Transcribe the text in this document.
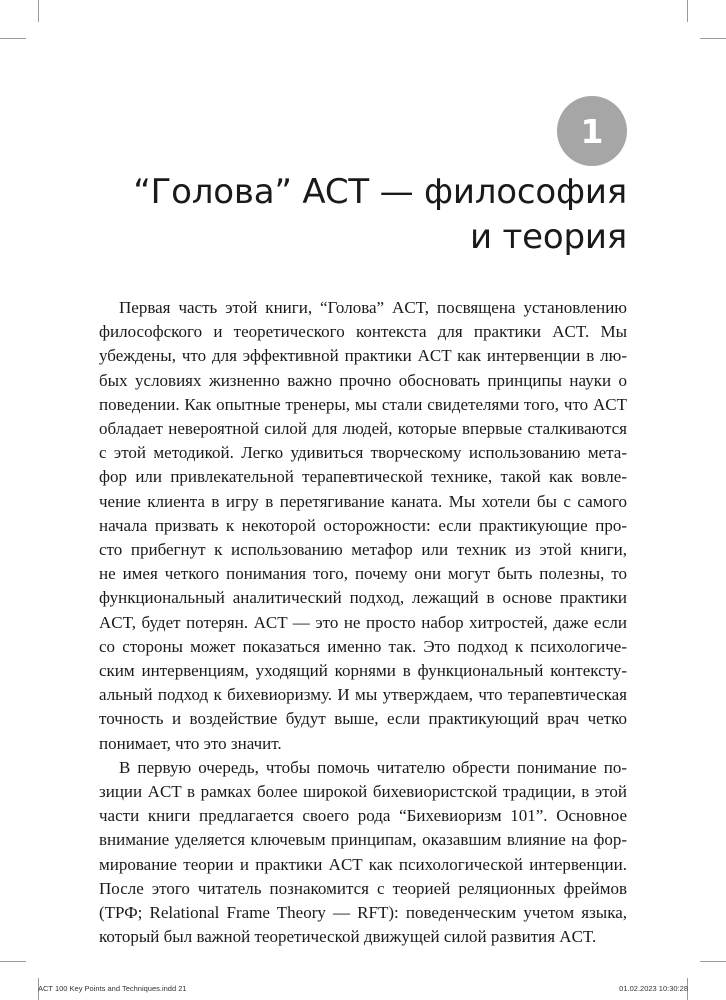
1
“Голова” ACT — философия
и теория

Первая часть этой книги, “Голова” ACT, посвящена установлению
философского и теоретического контекста для практики ACT. Мы
убеждены, что для эффективной практики ACT как интервенции в лю-
бых условиях жизненно важно прочно обосновать принципы науки о
поведении. Как опытные тренеры, мы стали свидетелями того, что ACT
обладает невероятной силой для людей, которые впервые сталкиваются
с этой методикой. Легко удивиться творческому использованию мета-
фор или привлекательной терапевтической технике, такой как вовле-
чение клиента в игру в перетягивание каната. Мы хотели бы с самого
начала призвать к некоторой осторожности: если практикующие про-
сто прибегнут к использованию метафор или техник из этой книги,
не имея четкого понимания того, почему они могут быть полезны, то
функциональный аналитический подход, лежащий в основе практики
ACT, будет потерян. ACT — это не просто набор хитростей, даже если
со стороны может показаться именно так. Это подход к психологиче-
ским интервенциям, уходящий корнями в функциональный контексту-
альный подход к бихевиоризму. И мы утверждаем, что терапевтическая
точность и воздействие будут выше, если практикующий врач четко
понимает, что это значит.

В первую очередь, чтобы помочь читателю обрести понимание по-
зиции ACT в рамках более широкой бихевиористской традиции, в этой
части книги предлагается своего рода “Бихевиоризм 101”. Основное
внимание уделяется ключевым принципам, оказавшим влияние на фор-
мирование теории и практики ACT как психологической интервенции.
После этого читатель познакомится с теорией реляционных фреймов
(ТРФ; Relational Frame Theory — RFT): поведенческим учетом языка,
который был важной теоретической движущей силой развития ACT.

ACT 100 Key Points and Techniques.indd 21	01.02.2023 10:30:28
